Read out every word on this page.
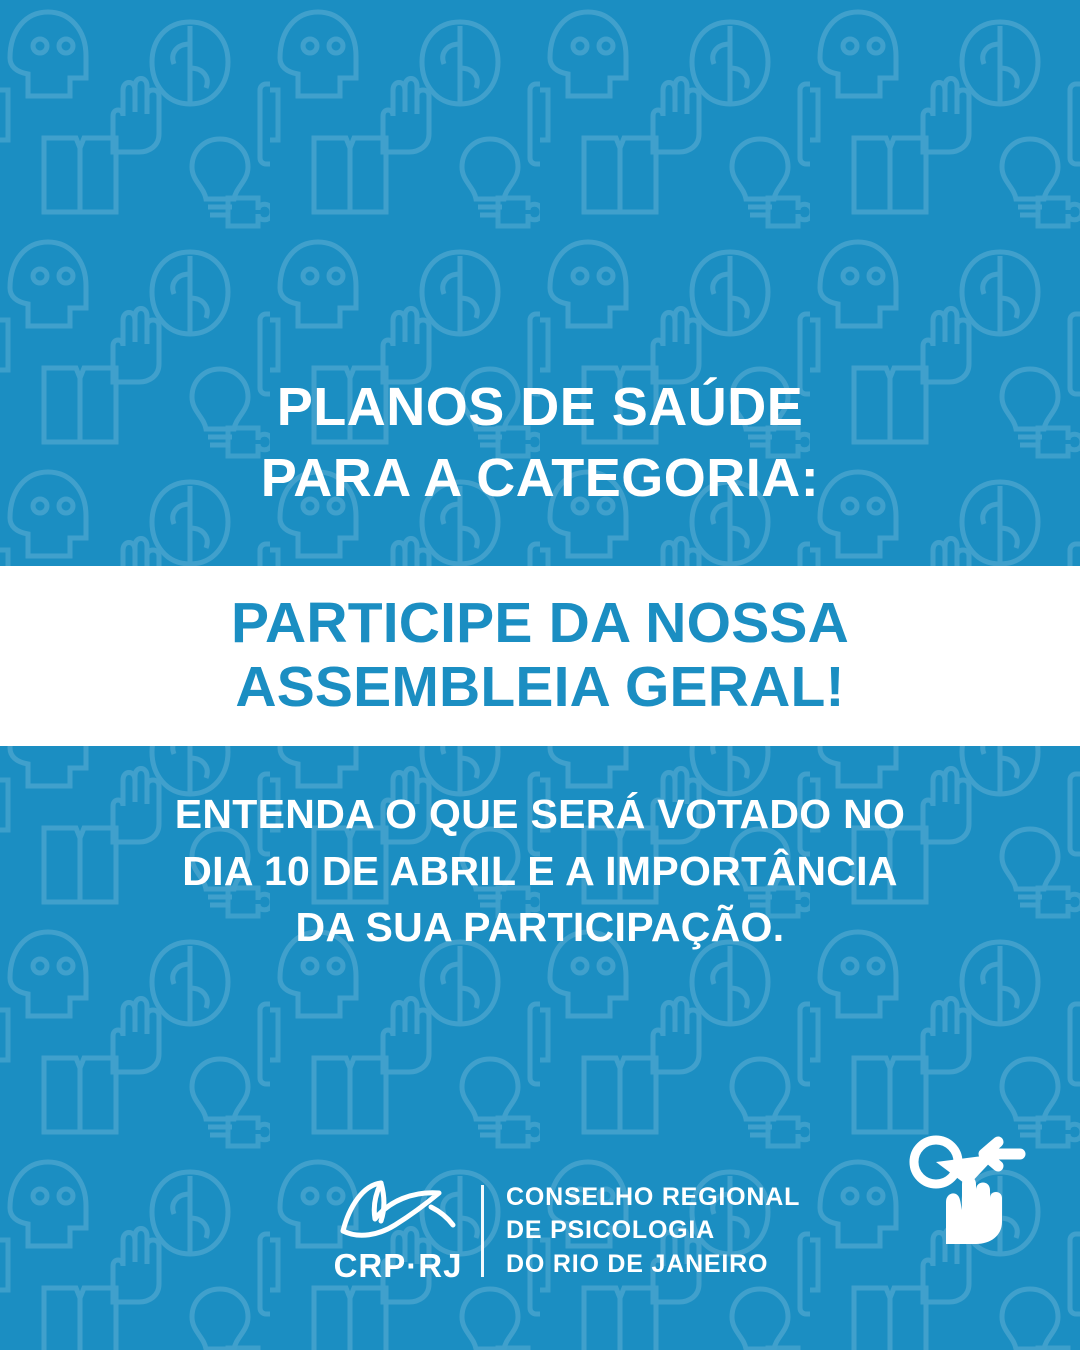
PLANOS DE SAÚDE
PARA A CATEGORIA:
PARTICIPE DA NOSSA
ASSEMBLEIA GERAL!
ENTENDA O QUE SERÁ VOTADO NO
DIA 10 DE ABRIL E A IMPORTÂNCIA
DA SUA PARTICIPAÇÃO.
CRP·RJ
CONSELHO REGIONAL
DE PSICOLOGIA
DO RIO DE JANEIRO
